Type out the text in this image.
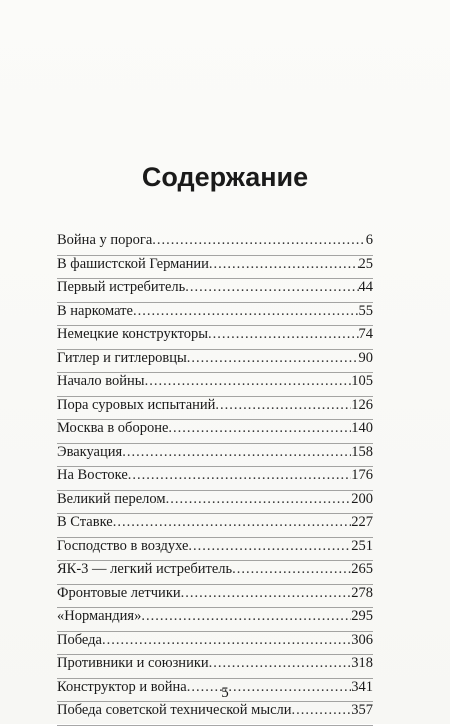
Содержание
Война у порога .....	6
В фашистской Германии .....	25
Первый истребитель .....	44
В наркомате .....	55
Немецкие конструкторы .....	74
Гитлер и гитлеровцы .....	90
Начало войны .....	105
Пора суровых испытаний .....	126
Москва в обороне .....	140
Эвакуация .....	158
На Востоке .....	176
Великий перелом .....	200
В Ставке .....	227
Господство в воздухе .....	251
ЯК-3 — легкий истребитель .....	265
Фронтовые летчики .....	278
«Нормандия» .....	295
Победа .....	306
Противники и союзники .....	318
Конструктор и война .....	341
Победа советской технической мысли .....	357
5
